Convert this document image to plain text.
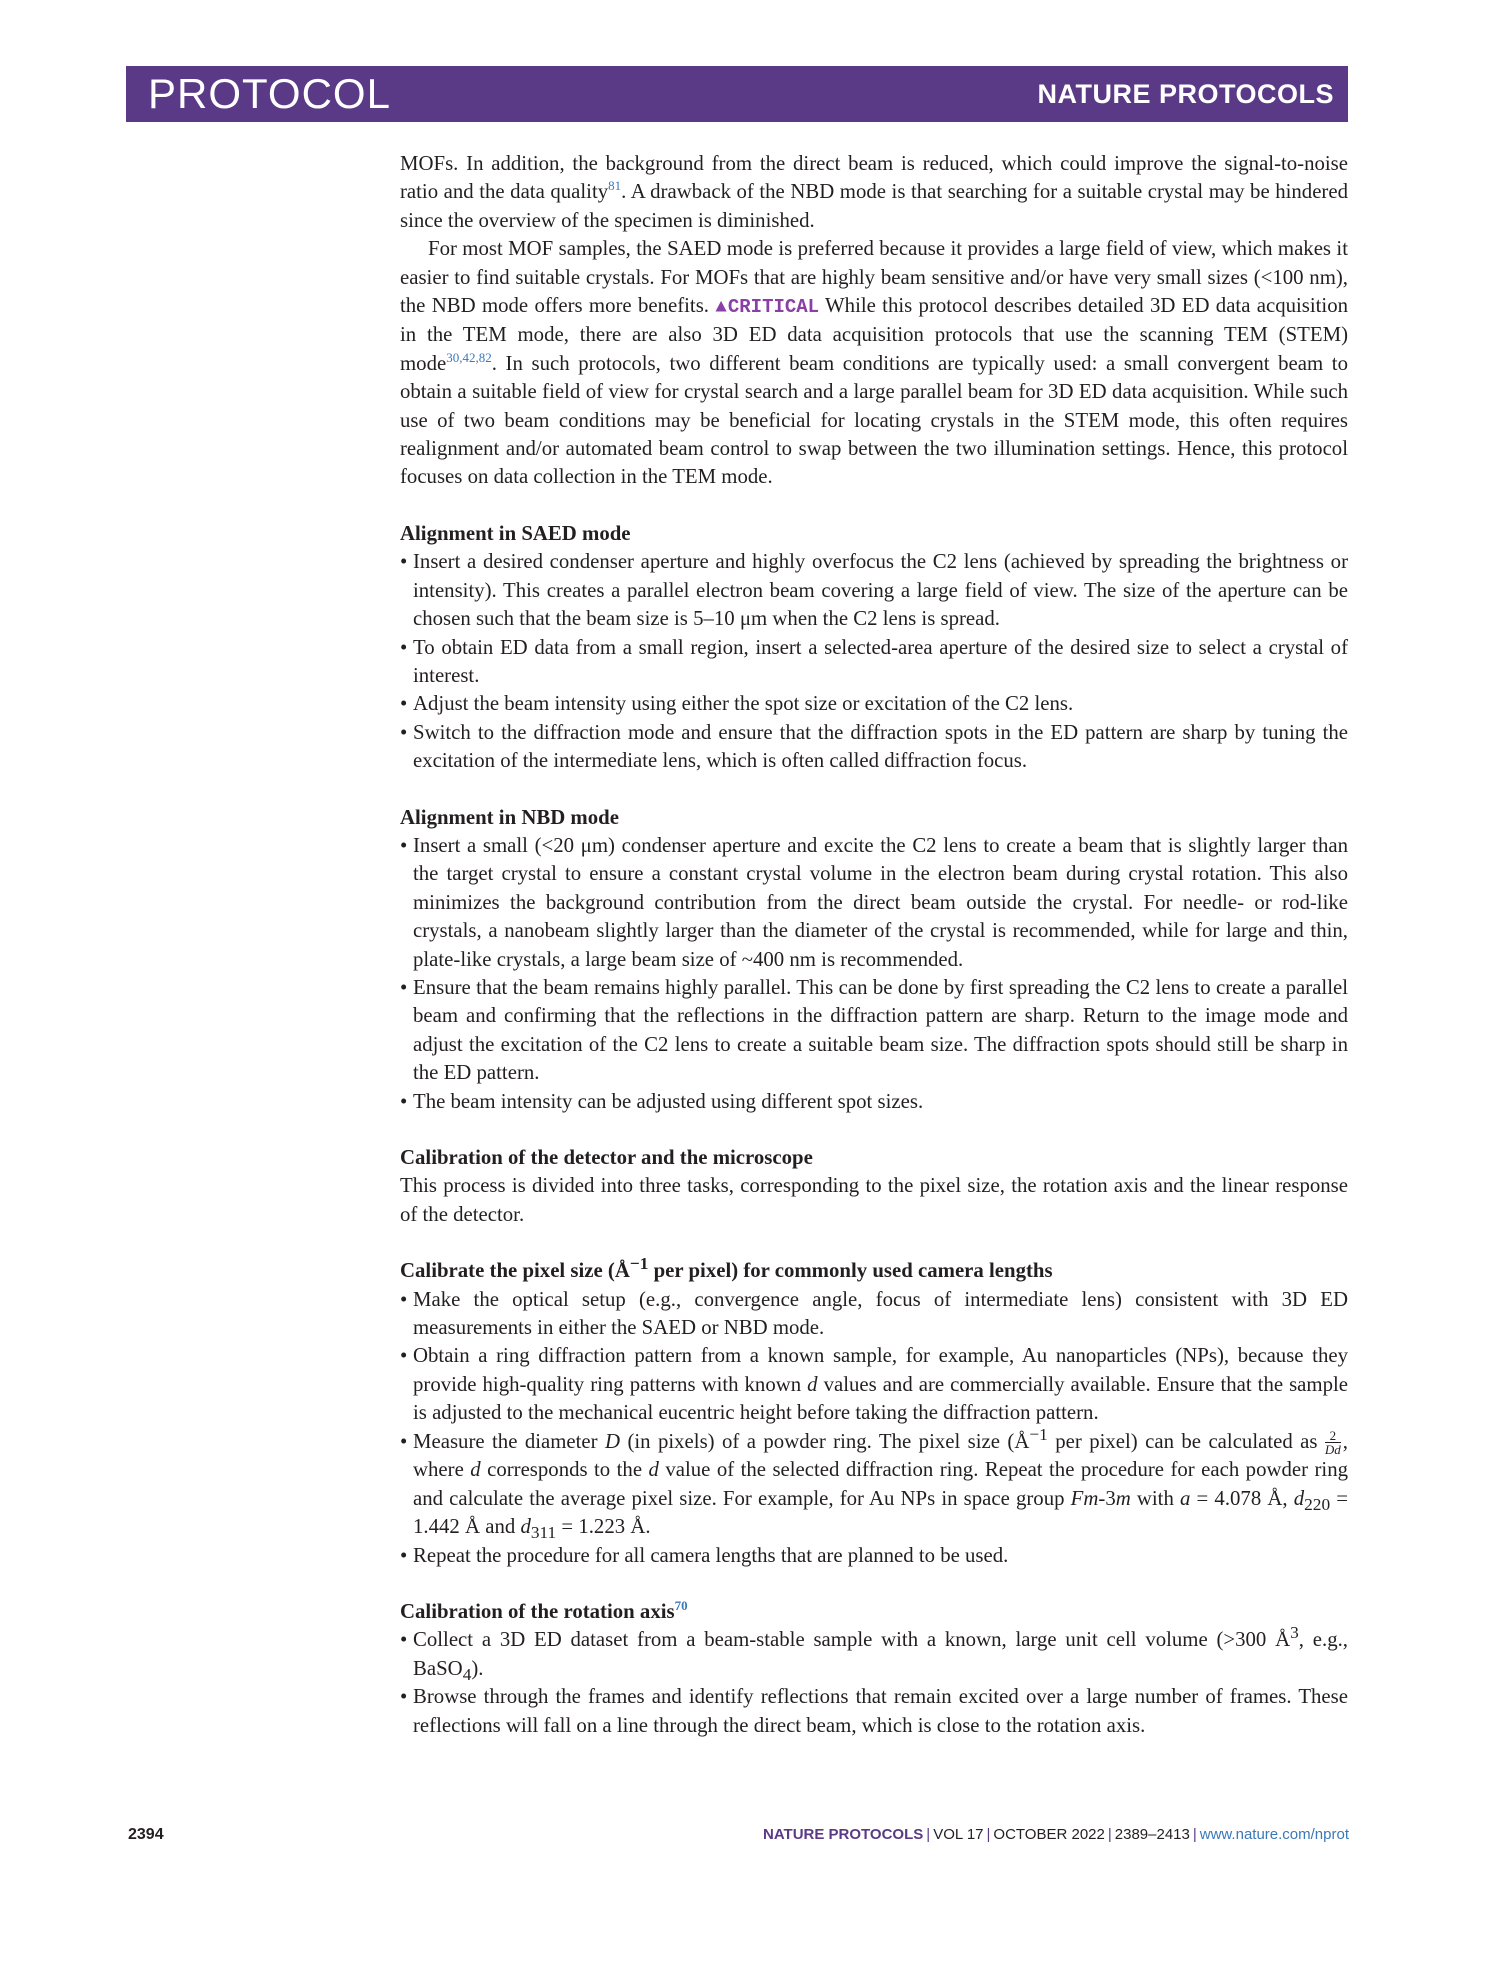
PROTOCOL	NATURE PROTOCOLS

MOFs. In addition, the background from the direct beam is reduced, which could improve the signal-to-noise ratio and the data quality$^{81}$. A drawback of the NBD mode is that searching for a suitable crystal may be hindered since the overview of the specimen is diminished.

For most MOF samples, the SAED mode is preferred because it provides a large field of view, which makes it easier to find suitable crystals. For MOFs that are highly beam sensitive and/or have very small sizes (<100 nm), the NBD mode offers more benefits. ▲CRITICAL While this protocol describes detailed 3D ED data acquisition in the TEM mode, there are also 3D ED data acquisition protocols that use the scanning TEM (STEM) mode$^{30,42,82}$. In such protocols, two different beam conditions are typically used: a small convergent beam to obtain a suitable field of view for crystal search and a large parallel beam for 3D ED data acquisition. While such use of two beam conditions may be beneficial for locating crystals in the STEM mode, this often requires realignment and/or automated beam control to swap between the two illumination settings. Hence, this protocol focuses on data collection in the TEM mode.

Alignment in SAED mode
• Insert a desired condenser aperture and highly overfocus the C2 lens (achieved by spreading the brightness or intensity). This creates a parallel electron beam covering a large field of view. The size of the aperture can be chosen such that the beam size is 5–10 μm when the C2 lens is spread.
• To obtain ED data from a small region, insert a selected-area aperture of the desired size to select a crystal of interest.
• Adjust the beam intensity using either the spot size or excitation of the C2 lens.
• Switch to the diffraction mode and ensure that the diffraction spots in the ED pattern are sharp by tuning the excitation of the intermediate lens, which is often called diffraction focus.
Alignment in NBD mode
• Insert a small (<20 μm) condenser aperture and excite the C2 lens to create a beam that is slightly larger than the target crystal to ensure a constant crystal volume in the electron beam during crystal rotation. This also minimizes the background contribution from the direct beam outside the crystal. For needle- or rod-like crystals, a nanobeam slightly larger than the diameter of the crystal is recommended, while for large and thin, plate-like crystals, a large beam size of ~400 nm is recommended.
• Ensure that the beam remains highly parallel. This can be done by first spreading the C2 lens to create a parallel beam and confirming that the reflections in the diffraction pattern are sharp. Return to the image mode and adjust the excitation of the C2 lens to create a suitable beam size. The diffraction spots should still be sharp in the ED pattern.
• The beam intensity can be adjusted using different spot sizes.
Calibration of the detector and the microscope

This process is divided into three tasks, corresponding to the pixel size, the rotation axis and the linear response of the detector.

Calibrate the pixel size ($Å^{-1}$ per pixel) for commonly used camera lengths
• Make the optical setup (e.g., convergence angle, focus of intermediate lens) consistent with 3D ED measurements in either the SAED or NBD mode.
• Obtain a ring diffraction pattern from a known sample, for example, Au nanoparticles (NPs), because they provide high-quality ring patterns with known d values and are commercially available. Ensure that the sample is adjusted to the mechanical eucentric height before taking the diffraction pattern.
• Measure the diameter D (in pixels) of a powder ring. The pixel size ($Å^{-1}$ per pixel) can be calculated as $\frac{2}{Dd}$, where d corresponds to the d value of the selected diffraction ring. Repeat the procedure for each powder ring and calculate the average pixel size. For example, for Au NPs in space group Fm-3m with a = 4.078 Å, $d_{220} = 1.442$ Å and $d_{311} = 1.223$ Å.
• Repeat the procedure for all camera lengths that are planned to be used.
Calibration of the rotation axis$^{70}$
• Collect a 3D ED dataset from a beam-stable sample with a known, large unit cell volume (>300 $Å^3$, e.g., BaSO$_4$).
• Browse through the frames and identify reflections that remain excited over a large number of frames. These reflections will fall on a line through the direct beam, which is close to the rotation axis.
2394	NATURE PROTOCOLS | VOL 17 | OCTOBER 2022 | 2389–2413 | www.nature.com/nprot
